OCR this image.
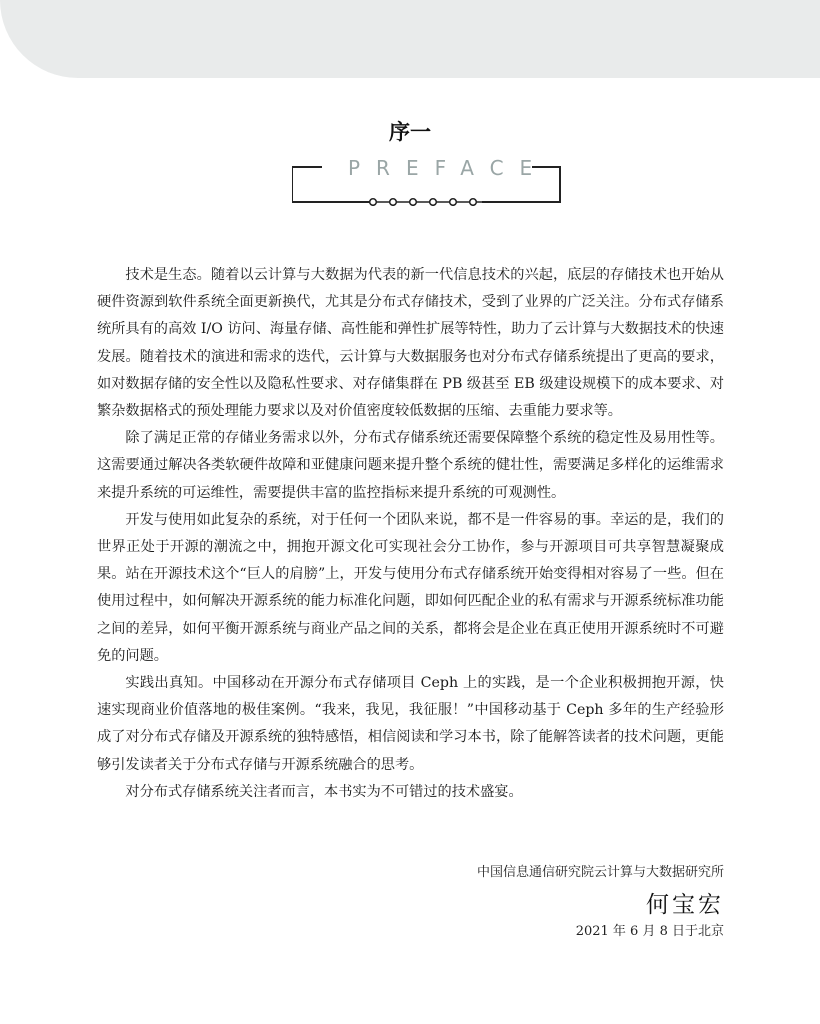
序一
PREFACE

技术是生态。随着以云计算与大数据为代表的新一代信息技术的兴起，底层的存储技术也开始从硬件资源到软件系统全面更新换代，尤其是分布式存储技术，受到了业界的广泛关注。分布式存储系统所具有的高效 I/O 访问、海量存储、高性能和弹性扩展等特性，助力了云计算与大数据技术的快速发展。随着技术的演进和需求的迭代，云计算与大数据服务也对分布式存储系统提出了更高的要求，如对数据存储的安全性以及隐私性要求、对存储集群在 PB 级甚至 EB 级建设规模下的成本要求、对繁杂数据格式的预处理能力要求以及对价值密度较低数据的压缩、去重能力要求等。

除了满足正常的存储业务需求以外，分布式存储系统还需要保障整个系统的稳定性及易用性等。这需要通过解决各类软硬件故障和亚健康问题来提升整个系统的健壮性，需要满足多样化的运维需求来提升系统的可运维性，需要提供丰富的监控指标来提升系统的可观测性。

开发与使用如此复杂的系统，对于任何一个团队来说，都不是一件容易的事。幸运的是，我们的世界正处于开源的潮流之中，拥抱开源文化可实现社会分工协作，参与开源项目可共享智慧凝聚成果。站在开源技术这个“巨人的肩膀”上，开发与使用分布式存储系统开始变得相对容易了一些。但在使用过程中，如何解决开源系统的能力标准化问题，即如何匹配企业的私有需求与开源系统标准功能之间的差异，如何平衡开源系统与商业产品之间的关系，都将会是企业在真正使用开源系统时不可避免的问题。

实践出真知。中国移动在开源分布式存储项目 Ceph 上的实践，是一个企业积极拥抱开源，快速实现商业价值落地的极佳案例。“我来，我见，我征服！”中国移动基于 Ceph 多年的生产经验形成了对分布式存储及开源系统的独特感悟，相信阅读和学习本书，除了能解答读者的技术问题，更能够引发读者关于分布式存储与开源系统融合的思考。

对分布式存储系统关注者而言，本书实为不可错过的技术盛宴。

中国信息通信研究院云计算与大数据研究所
何宝宏
2021 年 6 月 8 日于北京
